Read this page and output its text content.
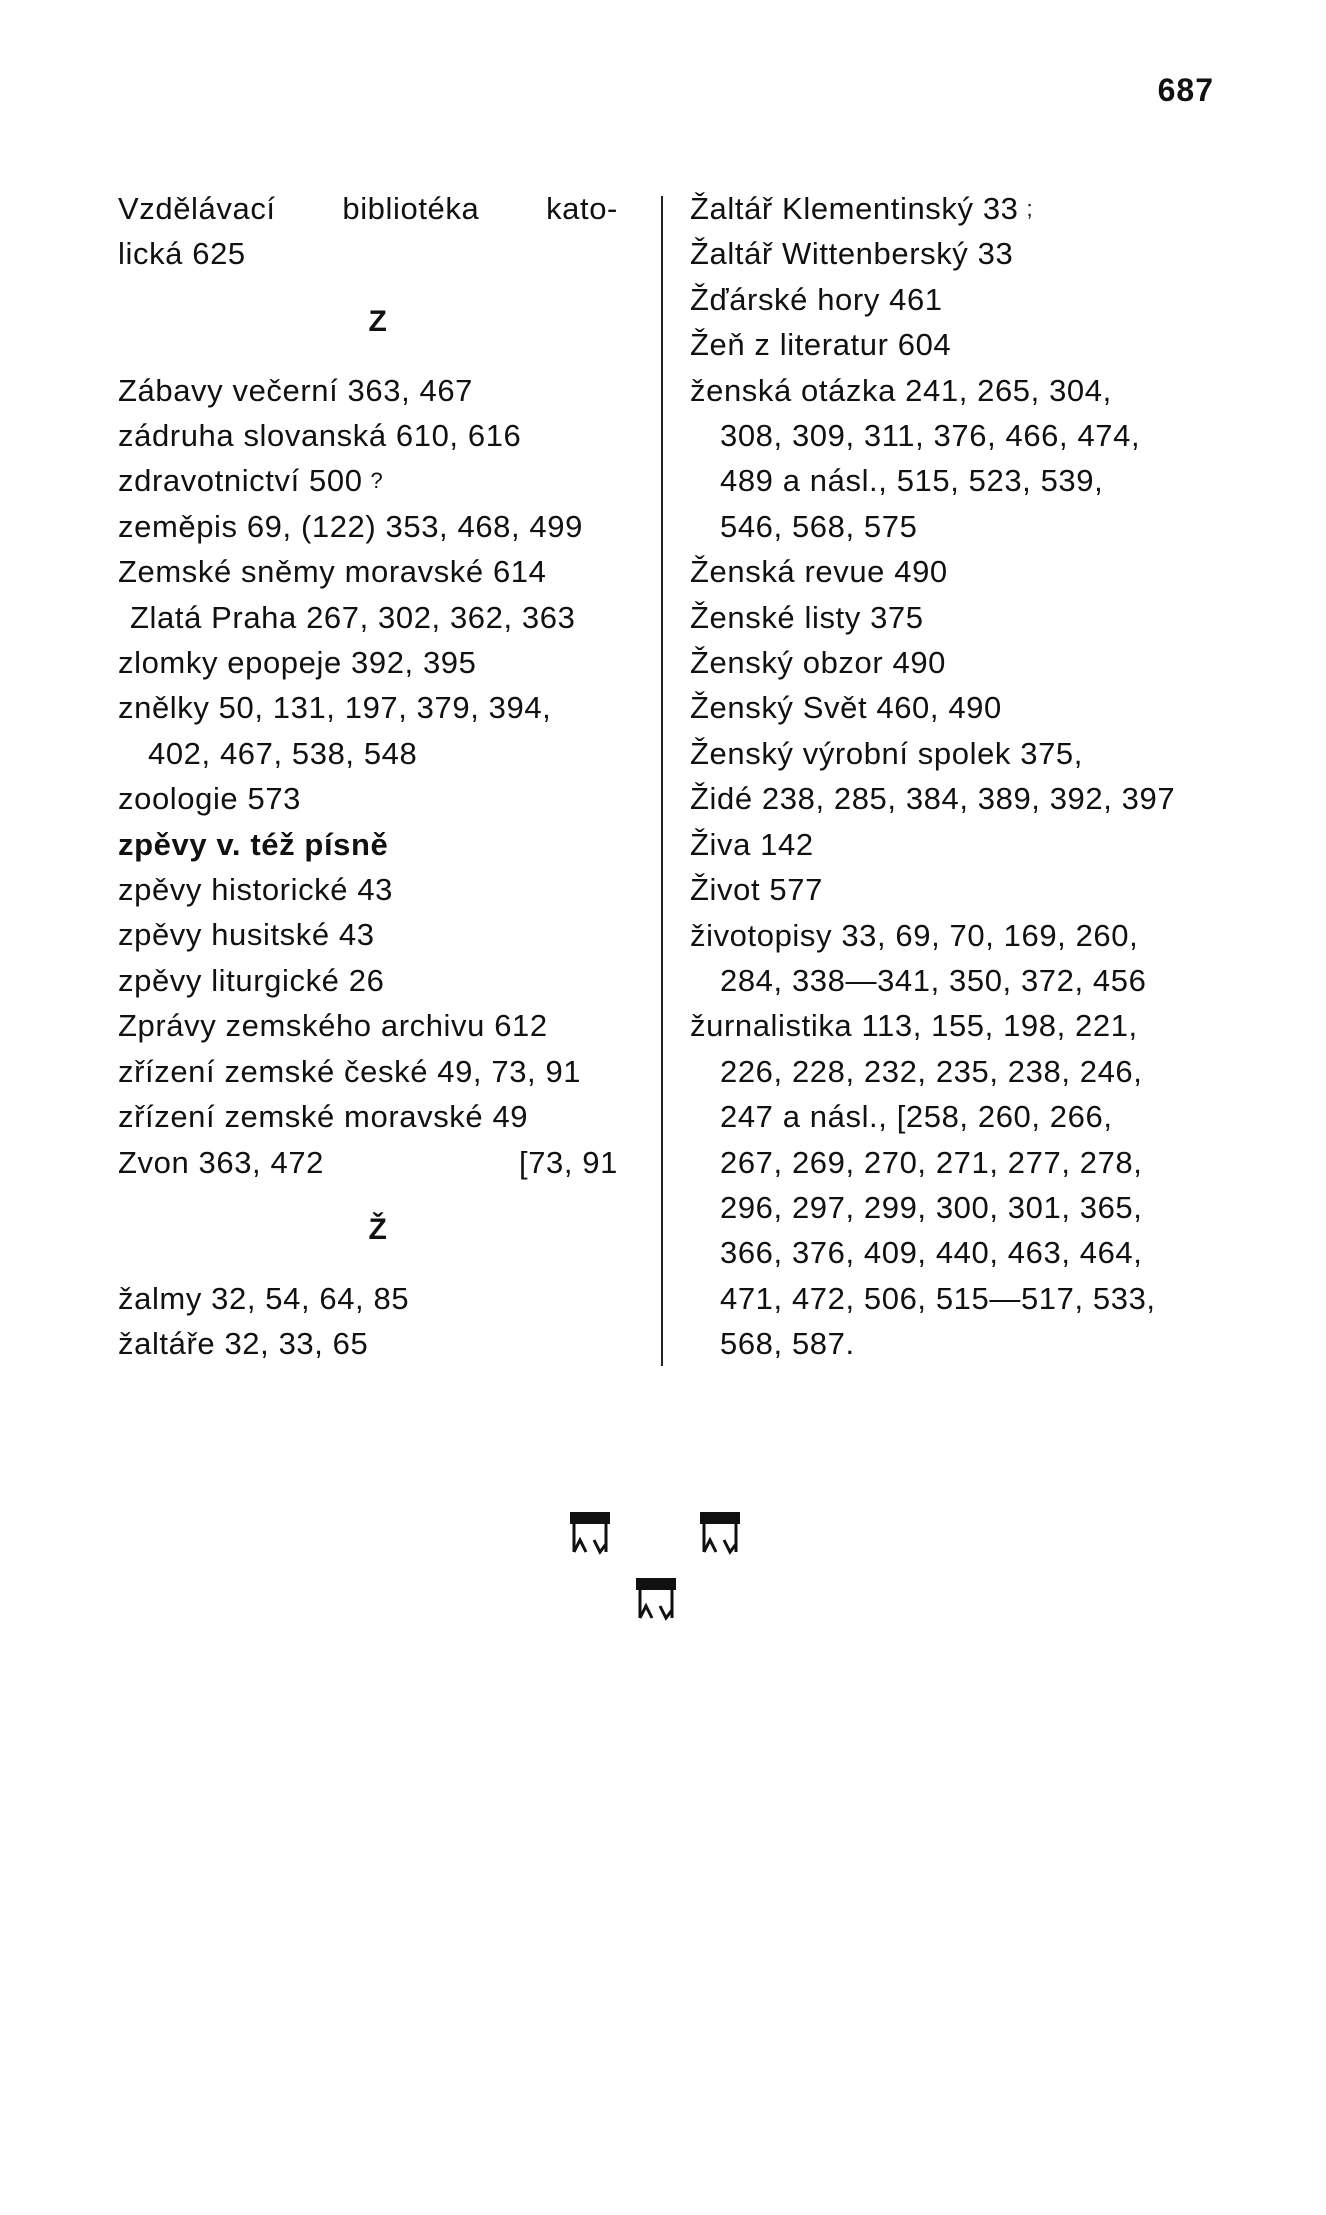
687
Vzdělávací bibliotéka kato-
lická 625
Z
Zábavy večerní 363, 467
zádruha slovanská 610, 616
zdravotnictví 500 ?
zeměpis 69, (122) 353, 468, 499
Zemské sněmy moravské 614
Zlatá Praha 267, 302, 362, 363
zlomky epopeje 392, 395
znělky 50, 131, 197, 379, 394,
402, 467, 538, 548
zoologie 573
zpěvy v. též písně
zpěvy historické 43
zpěvy husitské 43
zpěvy liturgické 26
Zprávy zemského archivu 612
zřízení zemské české 49, 73, 91
zřízení zemské moravské 49
Zvon 363, 472	[73, 91
Ž
žalmy 32, 54, 64, 85
žaltáře 32, 33, 65
Žaltář Klementinský 33 ;
Žaltář Wittenberský 33
Žďárské hory 461
Žeň z literatur 604
ženská otázka 241, 265, 304,
308, 309, 311, 376, 466, 474,
489 a násl., 515, 523, 539,
546, 568, 575
Ženská revue 490
Ženské listy 375
Ženský obzor 490
Ženský Svět 460, 490
Ženský výrobní spolek 375,
Židé 238, 285, 384, 389, 392, 397
Živa 142
Život 577
životopisy 33, 69, 70, 169, 260,
284, 338—341, 350, 372, 456
žurnalistika 113, 155, 198, 221,
226, 228, 232, 235, 238, 246,
247 a násl., [258, 260, 266,
267, 269, 270, 271, 277, 278,
296, 297, 299, 300, 301, 365,
366, 376, 409, 440, 463, 464,
471, 472, 506, 515—517, 533,
568, 587.
